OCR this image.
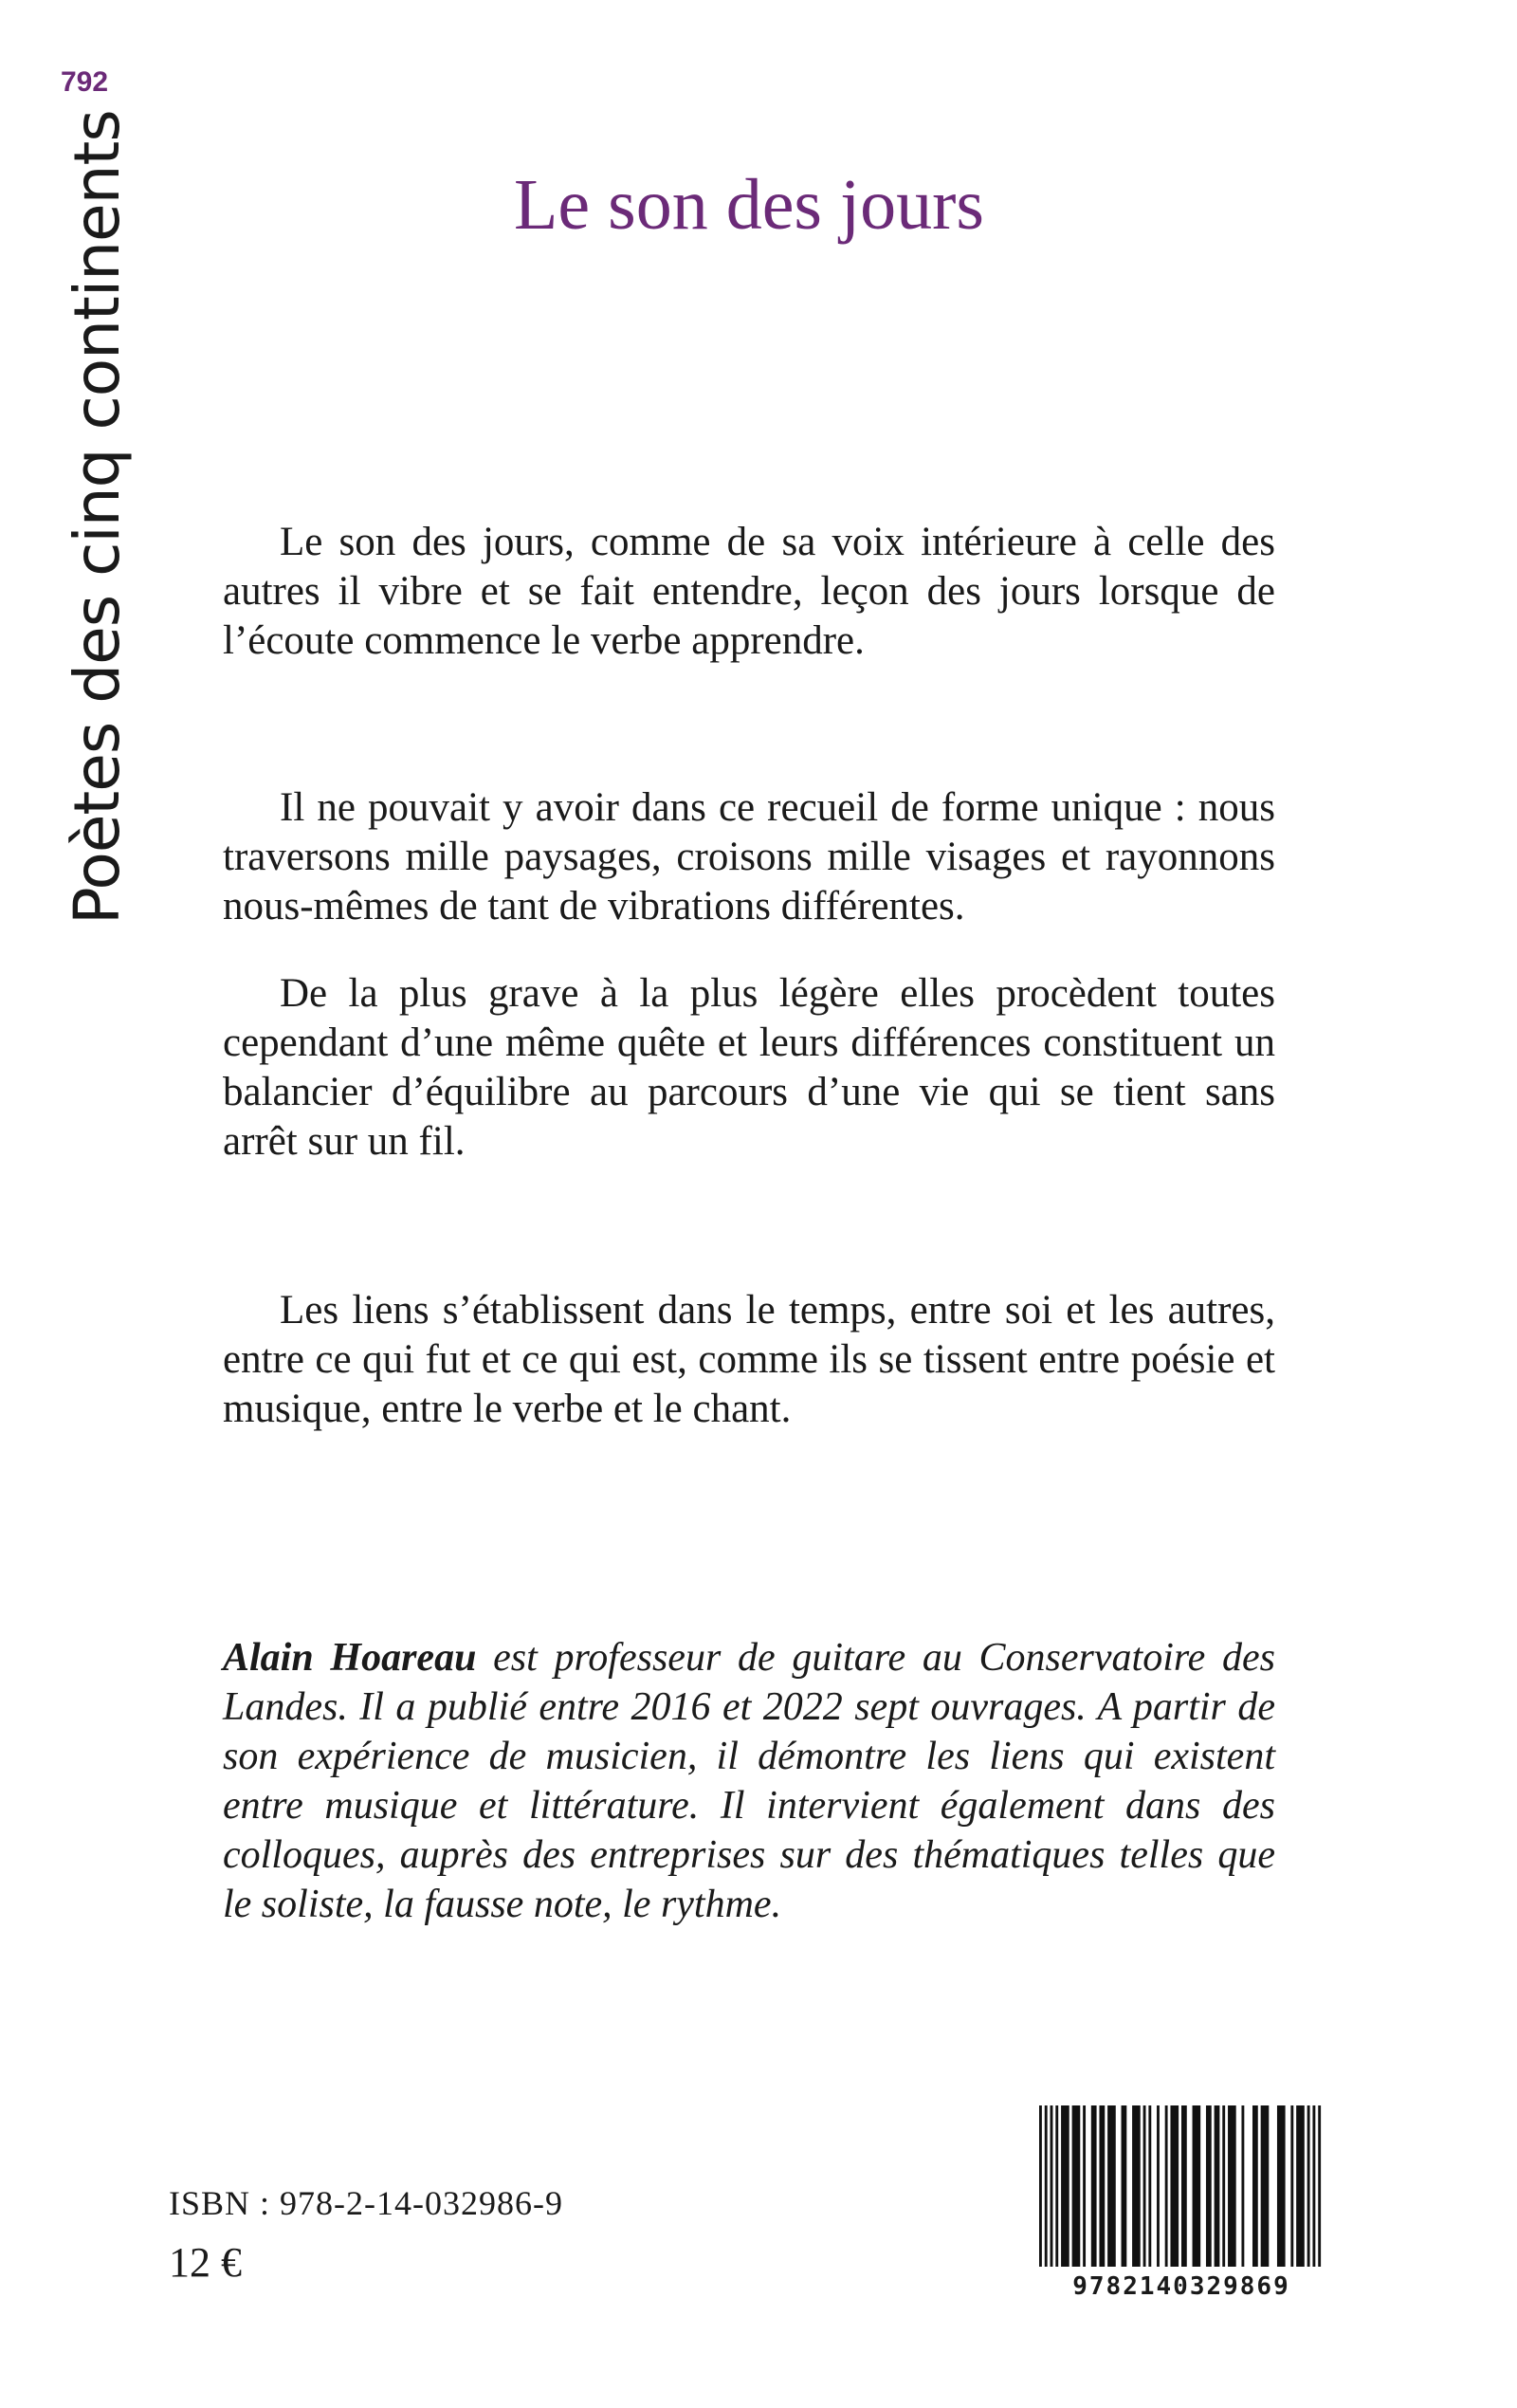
792
Poètes des cinq continents	Le son des jours

Le son des jours, comme de sa voix intérieure à celle des autres il vibre et se fait entendre, leçon des jours lorsque de l’écoute commence le verbe apprendre.

Il ne pouvait y avoir dans ce recueil de forme unique : nous traversons mille paysages, croisons mille visages et rayonnons nous-mêmes de tant de vibrations différentes.

De la plus grave à la plus légère elles procèdent toutes cependant d’une même quête et leurs différences constituent un balancier d’équilibre au parcours d’une vie qui se tient sans arrêt sur un fil.

Les liens s’établissent dans le temps, entre soi et les autres, entre ce qui fut et ce qui est, comme ils se tissent entre poésie et musique, entre le verbe et le chant.

Alain Hoareau est professeur de guitare au Conservatoire des Landes. Il a publié entre 2016 et 2022 sept ouvrages. A partir de son expérience de musicien, il démontre les liens qui existent entre musique et littérature. Il intervient également dans des colloques, auprès des entreprises sur des thématiques telles que le soliste, la fausse note, le rythme.
ISBN : 978-2-14-032986-9
12 €
9782140329869
